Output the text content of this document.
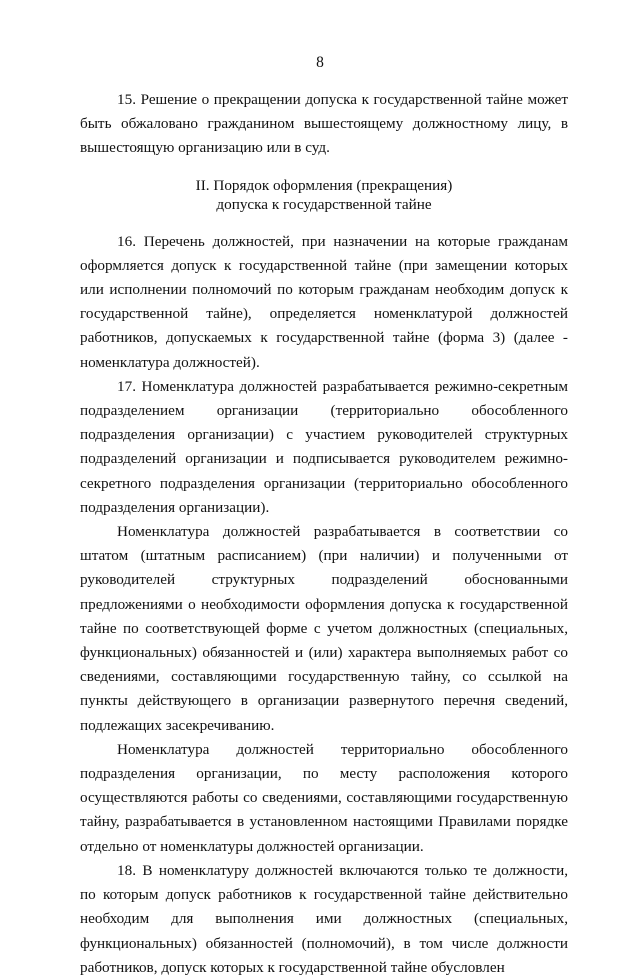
8

15. Решение о прекращении допуска к государственной тайне может быть обжаловано гражданином вышестоящему должностному лицу, в вышестоящую организацию или в суд.

II. Порядок оформления (прекращения)
допуска к государственной тайне

16. Перечень должностей, при назначении на которые гражданам оформляется допуск к государственной тайне (при замещении которых или исполнении полномочий по которым гражданам необходим допуск к государственной тайне), определяется номенклатурой должностей работников, допускаемых к государственной тайне (форма 3) (далее - номенклатура должностей).

17. Номенклатура должностей разрабатывается режимно-секретным подразделением организации (территориально обособленного подразделения организации) с участием руководителей структурных подразделений организации и подписывается руководителем режимно-секретного подразделения организации (территориально обособленного подразделения организации).

Номенклатура должностей разрабатывается в соответствии со штатом (штатным расписанием) (при наличии) и полученными от руководителей структурных подразделений обоснованными предложениями о необходимости оформления допуска к государственной тайне по соответствующей форме с учетом должностных (специальных, функциональных) обязанностей и (или) характера выполняемых работ со сведениями, составляющими государственную тайну, со ссылкой на пункты действующего в организации развернутого перечня сведений, подлежащих засекречиванию.

Номенклатура должностей территориально обособленного подразделения организации, по месту расположения которого осуществляются работы со сведениями, составляющими государственную тайну, разрабатывается в установленном настоящими Правилами порядке отдельно от номенклатуры должностей организации.

18. В номенклатуру должностей включаются только те должности, по которым допуск работников к государственной тайне действительно необходим для выполнения ими должностных (специальных, функциональных) обязанностей (полномочий), в том числе должности работников, допуск которых к государственной тайне обусловлен
